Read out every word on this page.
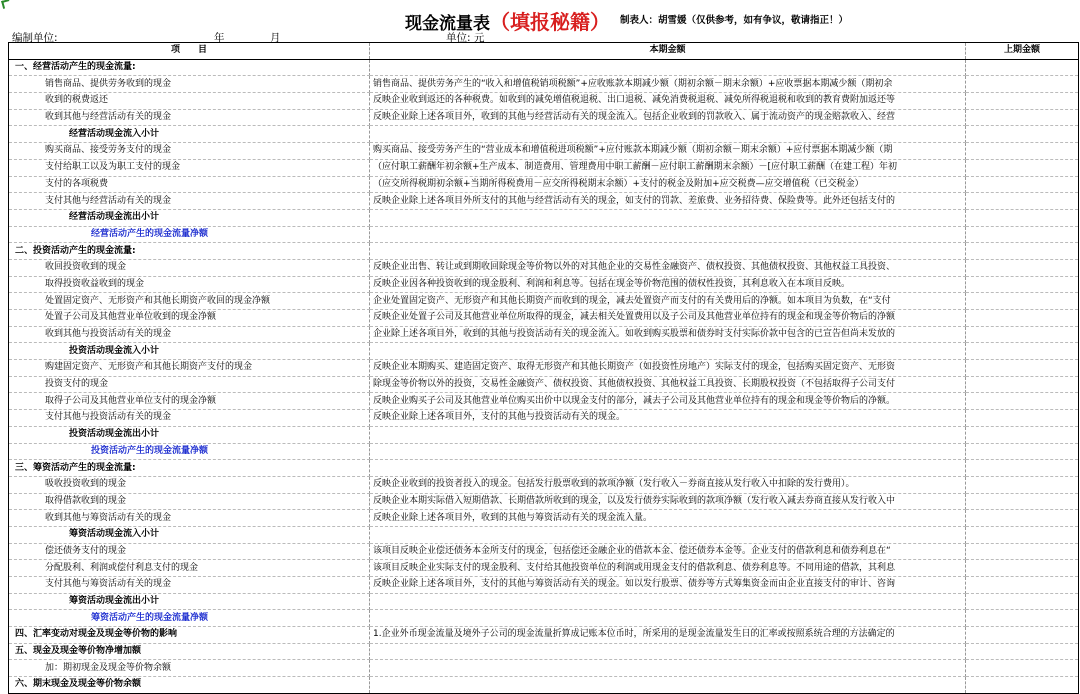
现金流量表（填报秘籍） 制表人：胡雪媛（仅供参考，如有争议，敬请指正！）
编制单位:	年	月	单位: 元
项　　目	本期金额	上期金额
一、经营活动产生的现金流量:		
销售商品、提供劳务收到的现金	销售商品、提供劳务产生的“收入和增值税销项税额”+应收账款本期减少额（期初余额－期末余额）+应收票据本期减少额（期初余	
收到的税费返还	反映企业收到返还的各种税费。如收到的减免增值税退税、出口退税、减免消费税退税、减免所得税退税和收到的教育费附加返还等	
收到其他与经营活动有关的现金	反映企业除上述各项目外，收到的其他与经营活动有关的现金流入。包括企业收到的罚款收入、属于流动资产的现金赔款收入、经营	
经营活动现金流入小计		
购买商品、接受劳务支付的现金	购买商品、接受劳务产生的“营业成本和增值税进项税额”+应付账款本期减少额（期初余额－期末余额）+应付票据本期减少额（期	
支付给职工以及为职工支付的现金	（应付职工薪酬年初余额+生产成本、制造费用、管理费用中职工薪酬－应付职工薪酬期末余额）－[应付职工薪酬（在建工程）年初	
支付的各项税费	（应交所得税期初余额+当期所得税费用－应交所得税期末余额）+支付的税金及附加+应交税费—应交增值税（已交税金）	
支付其他与经营活动有关的现金	反映企业除上述各项目外所支付的其他与经营活动有关的现金，如支付的罚款、差旅费、业务招待费、保险费等。此外还包括支付的	
经营活动现金流出小计		
经营活动产生的现金流量净额		
二、投资活动产生的现金流量:		
收回投资收到的现金	反映企业出售、转让或到期收回除现金等价物以外的对其他企业的交易性金融资产、债权投资、其他债权投资、其他权益工具投资、	
取得投资收益收到的现金	反映企业因各种投资收到的现金股利、利润和利息等。包括在现金等价物范围的债权性投资，其利息收入在本项目反映。	
处置固定资产、无形资产和其他长期资产收回的现金净额	企业处置固定资产、无形资产和其他长期资产而收到的现金，减去处置资产而支付的有关费用后的净额。如本项目为负数，在“支付	
处置子公司及其他营业单位收到的现金净额	反映企业处置子公司及其他营业单位所取得的现金，减去相关处置费用以及子公司及其他营业单位持有的现金和现金等价物后的净额	
收到其他与投资活动有关的现金	企业除上述各项目外，收到的其他与投资活动有关的现金流入。如收到购买股票和债券时支付实际价款中包含的已宣告但尚未发放的	
投资活动现金流入小计		
购建固定资产、无形资产和其他长期资产支付的现金	反映企业本期购买、建造固定资产、取得无形资产和其他长期资产（如投资性房地产）实际支付的现金，包括购买固定资产、无形资	
投资支付的现金	除现金等价物以外的投资，交易性金融资产、债权投资、其他债权投资、其他权益工具投资、长期股权投资（不包括取得子公司支付	
取得子公司及其他营业单位支付的现金净额	反映企业购买子公司及其他营业单位购买出价中以现金支付的部分，减去子公司及其他营业单位持有的现金和现金等价物后的净额。	
支付其他与投资活动有关的现金	反映企业除上述各项目外，支付的其他与投资活动有关的现金。	
投资活动现金流出小计		
投资活动产生的现金流量净额		
三、筹资活动产生的现金流量:		
吸收投资收到的现金	反映企业收到的投资者投入的现金。包括发行股票收到的款项净额（发行收入－券商直接从发行收入中扣除的发行费用）。	
取得借款收到的现金	反映企业本期实际借入短期借款、长期借款所收到的现金，以及发行债券实际收到的款项净额（发行收入减去券商直接从发行收入中	
收到其他与筹资活动有关的现金	反映企业除上述各项目外，收到的其他与筹资活动有关的现金流入量。	
筹资活动现金流入小计		
偿还债务支付的现金	该项目反映企业偿还债务本金所支付的现金，包括偿还金融企业的借款本金、偿还债券本金等。企业支付的借款利息和债券利息在“	
分配股利、利润或偿付利息支付的现金	该项目反映企业实际支付的现金股利、支付给其他投资单位的利润或用现金支付的借款利息、债券利息等。不同用途的借款，其利息	
支付其他与筹资活动有关的现金	反映企业除上述各项目外，支付的其他与筹资活动有关的现金。如以发行股票、债券等方式筹集资金而由企业直接支付的审计、咨询	
筹资活动现金流出小计		
筹资活动产生的现金流量净额		
四、汇率变动对现金及现金等价物的影响	1.企业外币现金流量及境外子公司的现金流量折算成记账本位币时，所采用的是现金流量发生日的汇率或按照系统合理的方法确定的	
五、现金及现金等价物净增加额		
加：期初现金及现金等价物余额		
六、期末现金及现金等价物余额		
